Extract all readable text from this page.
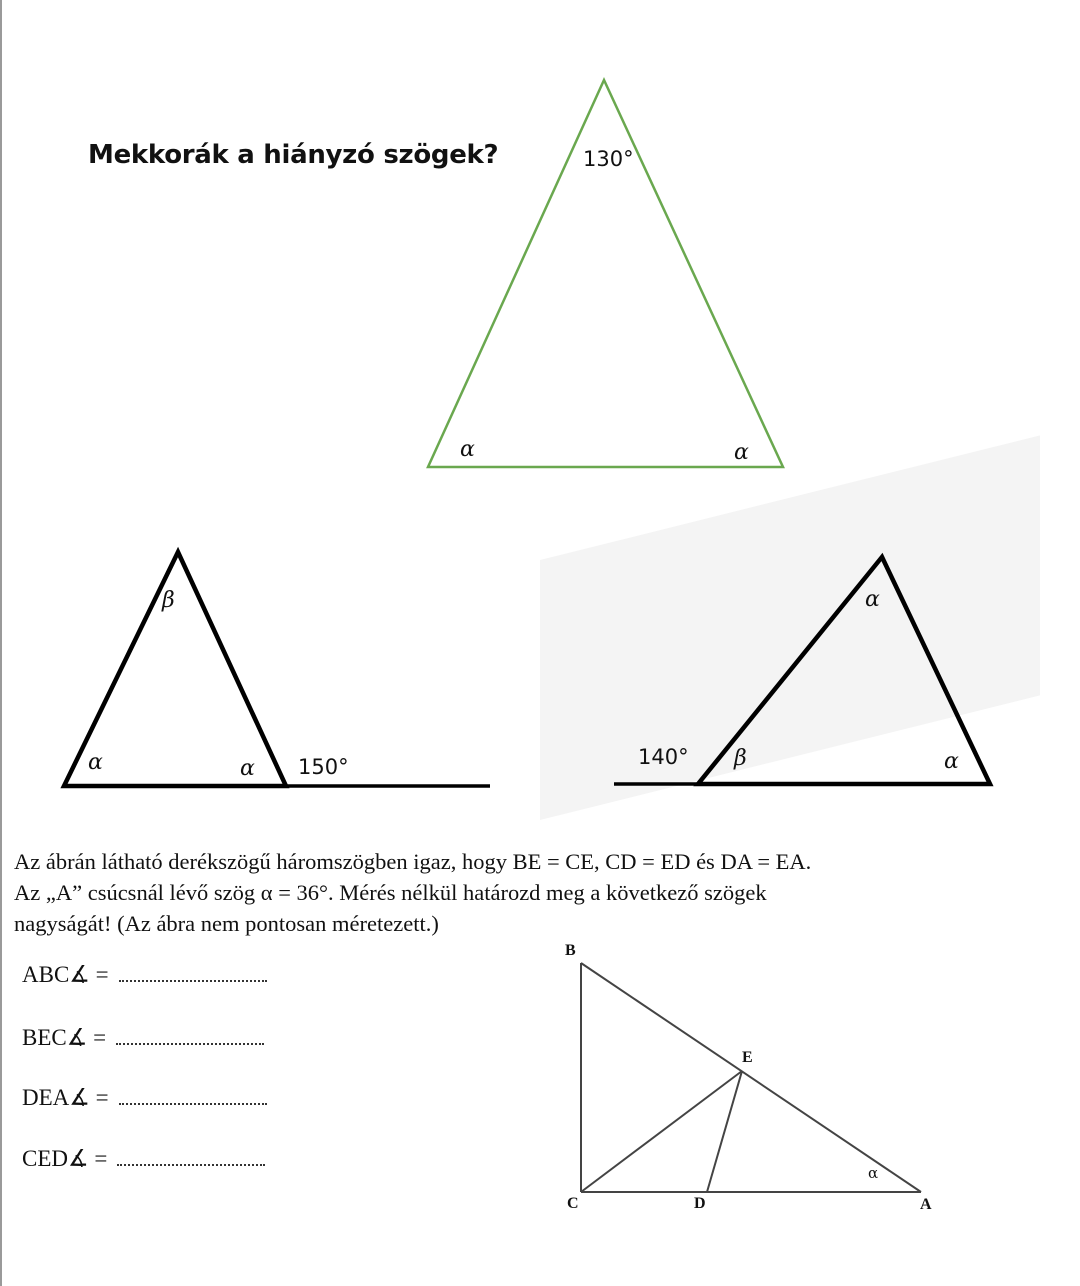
Mekkorák a hiányzó szögek?	130°
α	α
β
α	α 150°
α
140° β	α

Az ábrán látható derékszögű háromszögben igaz, hogy BE = CE, CD = ED és DA = EA.

Az „A” csúcsnál lévő szög α = 36°. Mérés nélkül határozd meg a következő szögek

nagyságát! (Az ábra nem pontosan méretezett.)

ABC∡ =
BEC∡ =
DEA∡ =
CED∡ =
B
E
C	D	A
α
